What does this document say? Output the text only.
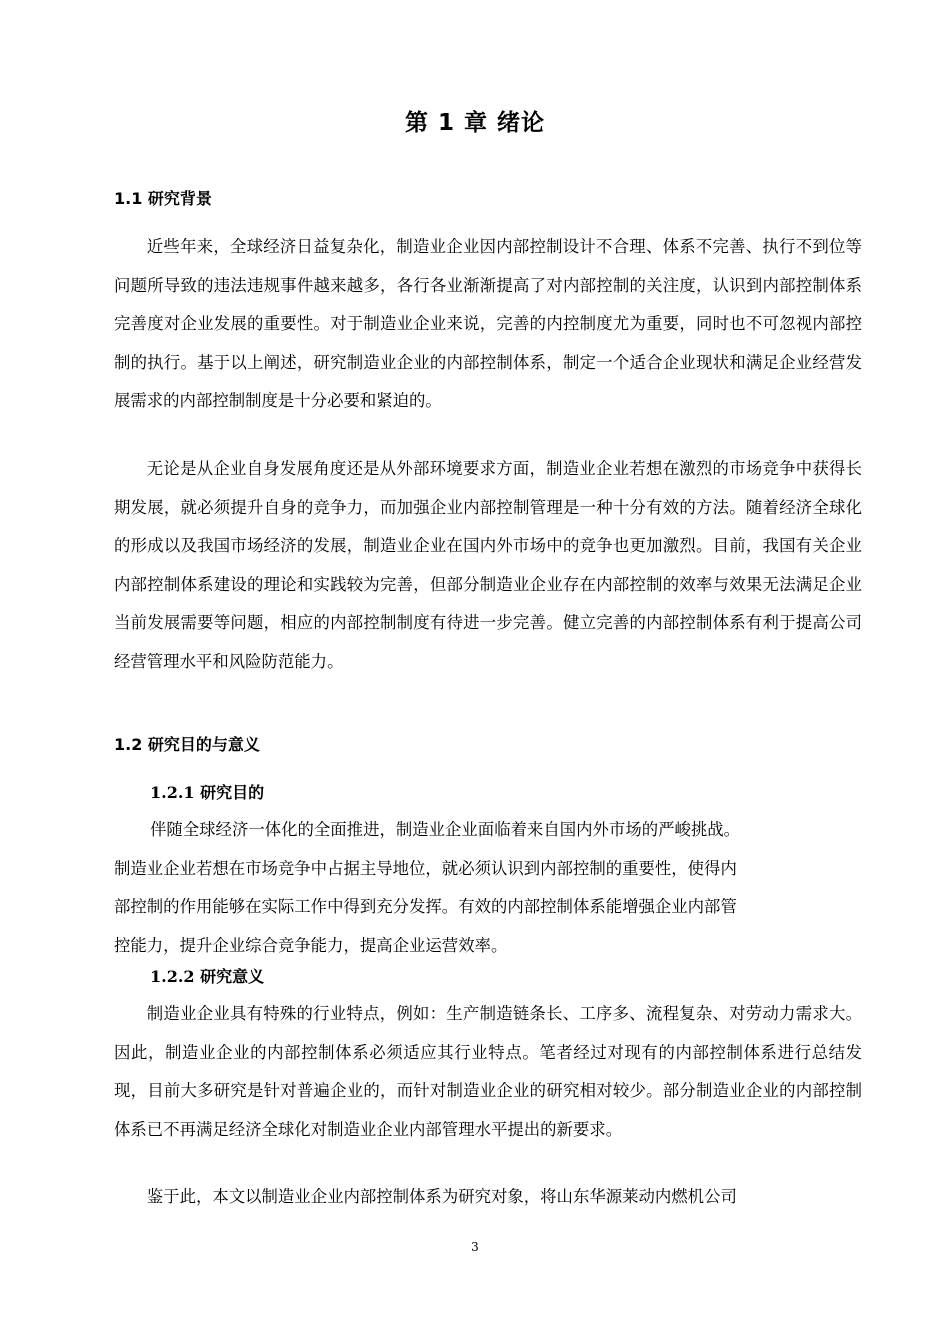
第 1 章 绪论
1.1 研究背景

近些年来，全球经济日益复杂化，制造业企业因内部控制设计不合理、体系不完善、执行不到位等问题所导致的违法违规事件越来越多，各行各业渐渐提高了对内部控制的关注度，认识到内部控制体系完善度对企业发展的重要性。对于制造业企业来说，完善的内控制度尤为重要，同时也不可忽视内部控制的执行。基于以上阐述，研究制造业企业的内部控制体系，制定一个适合企业现状和满足企业经营发展需求的内部控制制度是十分必要和紧迫的。

无论是从企业自身发展角度还是从外部环境要求方面，制造业企业若想在激烈的市场竞争中获得长期发展，就必须提升自身的竞争力，而加强企业内部控制管理是一种十分有效的方法。随着经济全球化的形成以及我国市场经济的发展，制造业企业在国内外市场中的竞争也更加激烈。目前，我国有关企业内部控制体系建设的理论和实践较为完善，但部分制造业企业存在内部控制的效率与效果无法满足企业当前发展需要等问题，相应的内部控制制度有待进一步完善。健立完善的内部控制体系有利于提高公司经营管理水平和风险防范能力。

1.2 研究目的与意义
1.2.1 研究目的
伴随全球经济一体化的全面推进，制造业企业面临着来自国内外市场的严峻挑战。
制造业企业若想在市场竞争中占据主导地位，就必须认识到内部控制的重要性，使得内
部控制的作用能够在实际工作中得到充分发挥。有效的内部控制体系能增强企业内部管
控能力，提升企业综合竞争能力，提高企业运营效率。
1.2.2 研究意义

制造业企业具有特殊的行业特点，例如：生产制造链条长、工序多、流程复杂、对劳动力需求大。因此，制造业企业的内部控制体系必须适应其行业特点。笔者经过对现有的内部控制体系进行总结发现，目前大多研究是针对普遍企业的，而针对制造业企业的研究相对较少。部分制造业企业的内部控制体系已不再满足经济全球化对制造业企业内部管理水平提出的新要求。

鉴于此，本文以制造业企业内部控制体系为研究对象，将山东华源莱动内燃机公司

3
